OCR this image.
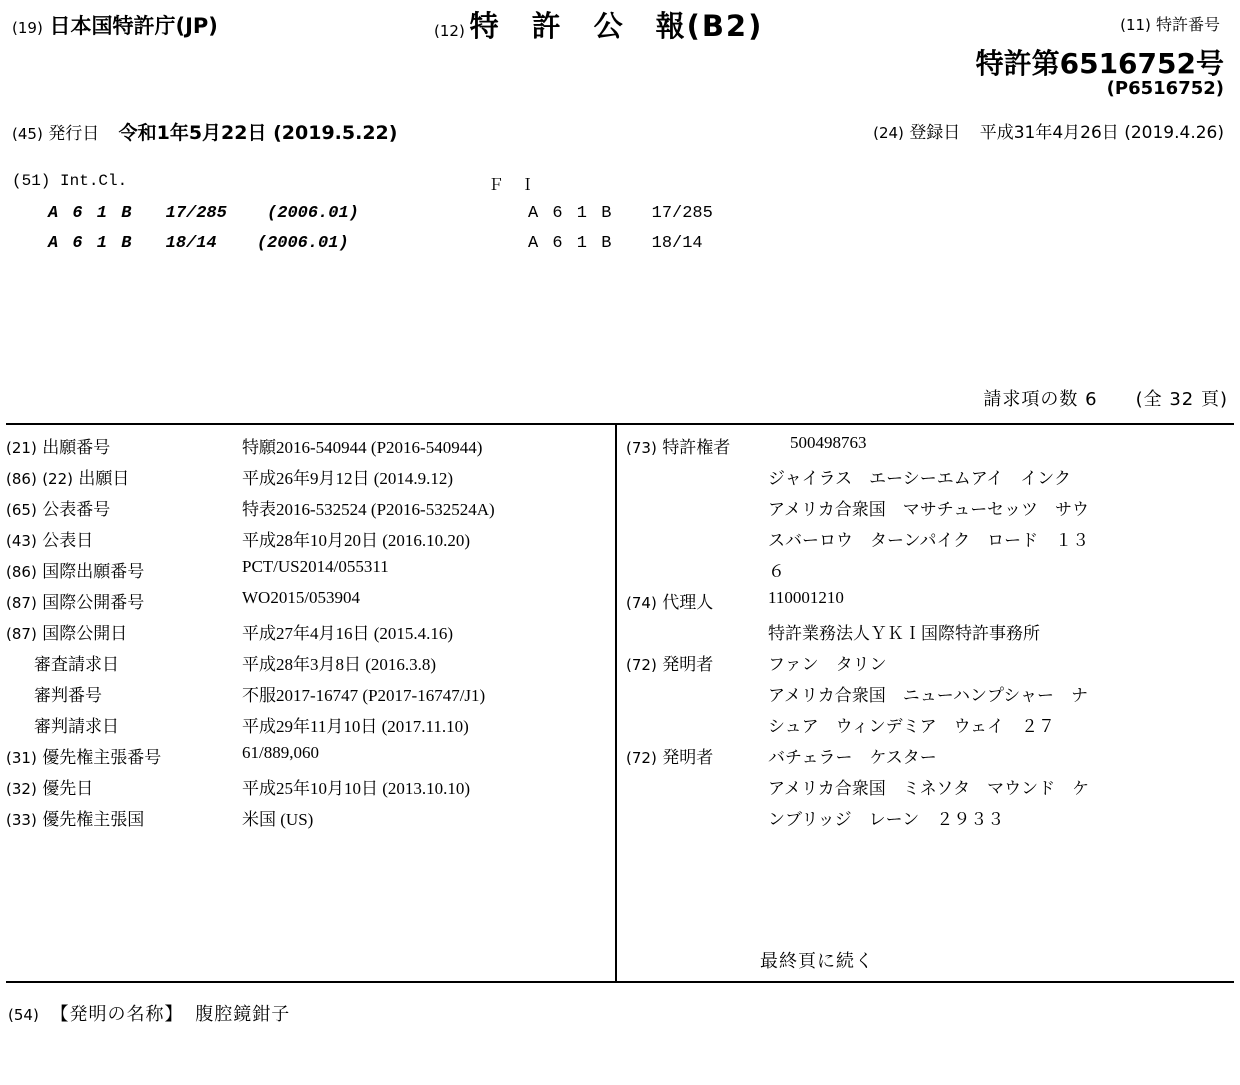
(19) 日本国特許庁(JP)	(12) 特　許　公　報(B2)	(11) 特許番号
特許第6516752号
(P6516752)
(45) 発行日 令和1年5月22日 (2019.5.22)	(24) 登録日 平成31年4月26日 (2019.4.26)
(51) Int.Cl.	Ｆ Ｉ
A 6 1 B 17/285 (2006.01)	A 6 1 B 17/285
A 6 1 B 18/14 (2006.01)	A 6 1 B 18/14
請求項の数 6　　(全 32 頁)
(21) 出願番号	特願2016-540944 (P2016-540944)
(86) (22) 出願日	平成26年9月12日 (2014.9.12)
(65) 公表番号	特表2016-532524 (P2016-532524A)
(43) 公表日	平成28年10月20日 (2016.10.20)
(86) 国際出願番号	PCT/US2014/055311
(87) 国際公開番号	WO2015/053904
(87) 国際公開日	平成27年4月16日 (2015.4.16)
審査請求日	平成28年3月8日 (2016.3.8)
審判番号	不服2017-16747 (P2017-16747/J1)
審判請求日	平成29年11月10日 (2017.11.10)
(31) 優先権主張番号	61/889,060
(32) 優先日	平成25年10月10日 (2013.10.10)
(33) 優先権主張国	米国 (US)
(73) 特許権者	500498763
ジャイラス　エーシーエムアイ　インク
アメリカ合衆国　マサチューセッツ　サウ
スバーロウ　ターンパイク　ロード　１３
６
(74) 代理人	110001210
特許業務法人ＹＫＩ国際特許事務所
(72) 発明者	ファン　タリン
アメリカ合衆国　ニューハンプシャー　ナ
シュア　ウィンデミア　ウェイ　２７
(72) 発明者	バチェラー　ケスター
アメリカ合衆国　ミネソタ　マウンド　ケ
ンブリッジ　レーン　２９３３
最終頁に続く
(54) 【発明の名称】 腹腔鏡鉗子
